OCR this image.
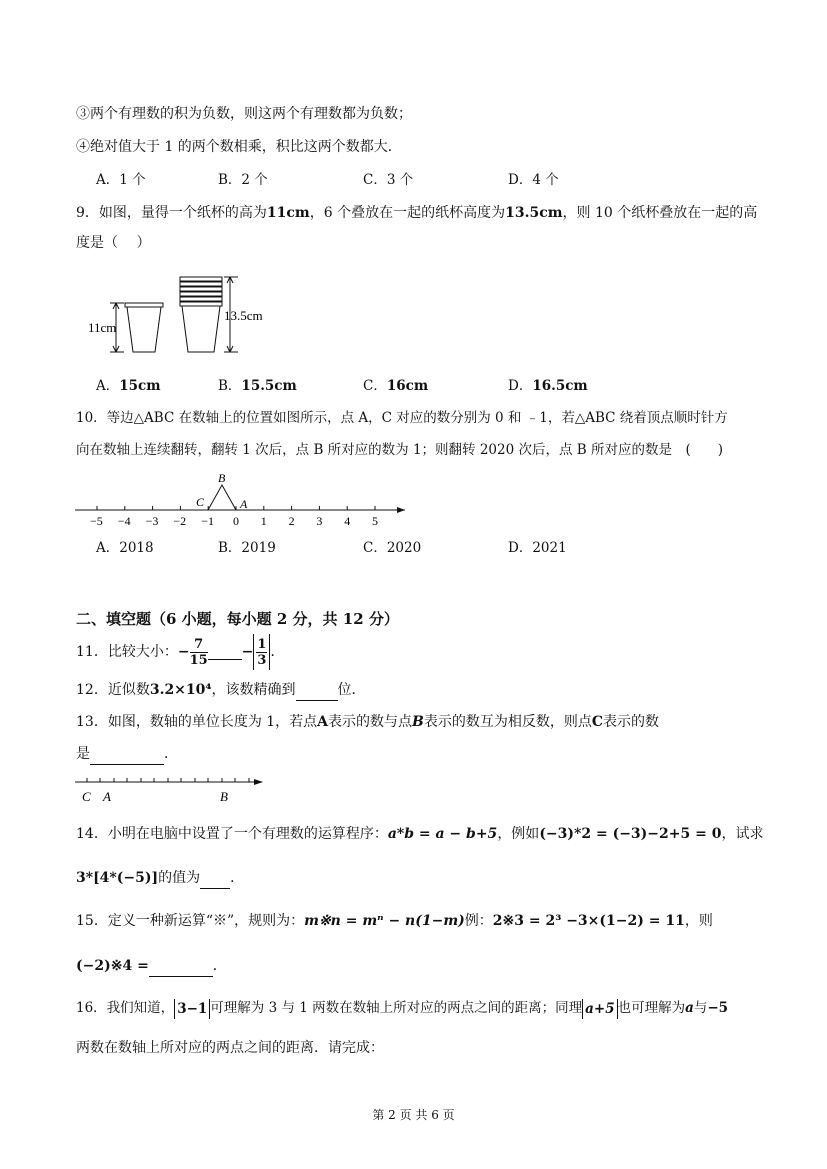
③两个有理数的积为负数，则这两个有理数都为负数；
④绝对值大于 1 的两个数相乘，积比这两个数都大．
A．1 个	B．2 个	C．3 个	D．4 个
9．如图，量得一个纸杯的高为11cm，6 个叠放在一起的纸杯高度为13.5cm，则 10 个纸杯叠放在一起的高
度是（　 ）
11cm
13.5cm
A．15cm	B．15.5cm	C．16cm	D．16.5cm
10．等边△ABC 在数轴上的位置如图所示，点 A，C 对应的数分别为 0 和 ﹣1，若△ABC 绕着顶点顺时针方
向在数轴上连续翻转，翻转 1 次后，点 B 所对应的数为 1；则翻转 2020 次后，点 B 所对应的数是　(　　)
−5 −4 −3 −2 −1 0 1 2 3 4 5
B
C	A
A．2018	B．2019	C．2020	D．2021
二、填空题（6 小题，每小题 2 分，共 12 分）
11．比较大小：− $\frac{7}{15} - \frac{1}{3}$ ．
12．近似数3.2×10⁴，该数精确到	位．
13．如图，数轴的单位长度为 1，若点A表示的数与点B表示的数互为相反数，则点C表示的数
是	．
C A	B
14．小明在电脑中设置了一个有理数的运算程序：a*b = a − b+5，例如(−3)*2 = (−3)−2+5 = 0，试求
3*[4*(−5)]的值为 ．
15．定义一种新运算“※”，规则为：m※n = mⁿ − n(1−m)例：2※3 = 2³ −3×(1−2) = 11，则
(−2)※4 =	．
16．我们知道， 3−1 可理解为 3 与 1 两数在数轴上所对应的两点之间的距离；同理 a+5 也可理解为a与−5
两数在数轴上所对应的两点之间的距离．请完成：
第 2 页 共 6 页
